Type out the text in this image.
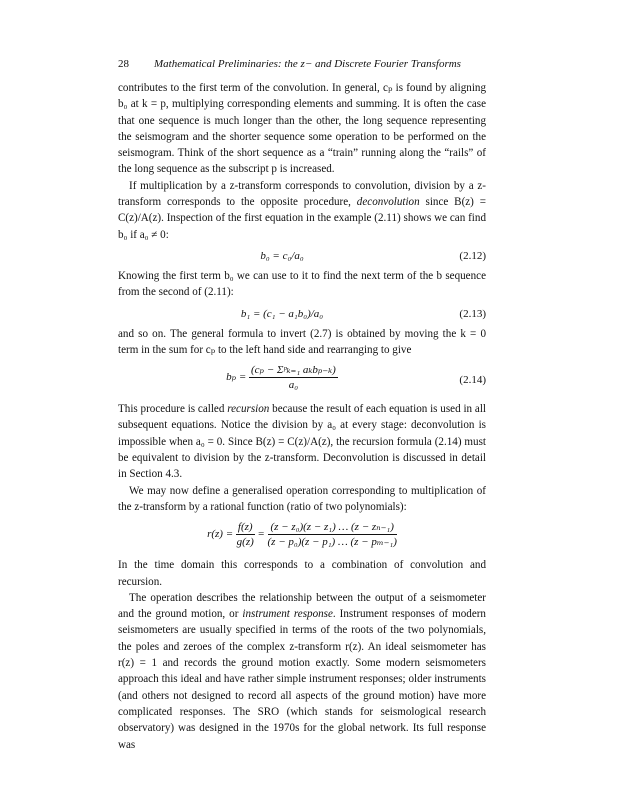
28	Mathematical Preliminaries: the z− and Discrete Fourier Transforms

contributes to the first term of the convolution. In general, cₚ is found by aligning b₀ at k = p, multiplying corresponding elements and summing. It is often the case that one sequence is much longer than the other, the long sequence representing the seismogram and the shorter sequence some operation to be performed on the seismogram. Think of the short sequence as a “train” running along the “rails” of the long sequence as the subscript p is increased.

If multiplication by a z-transform corresponds to convolution, division by a z-transform corresponds to the opposite procedure, deconvolution since B(z) = C(z)/A(z). Inspection of the first equation in the example (2.11) shows we can find b₀ if a₀ ≠ 0:

b₀ = c₀/a₀	(2.12)

Knowing the first term b₀ we can use to it to find the next term of the b sequence from the second of (2.11):

b₁ = (c₁ − a₁b₀)/a₀	(2.13)

and so on. The general formula to invert (2.7) is obtained by moving the k = 0 term in the sum for cₚ to the left hand side and rearranging to give

$b_p = \frac{\text{(cₚ − Σᵖₖ₌₁ aₖbₚ₋ₖ)}}{\text{a₀}}$	(2.14)

This procedure is called recursion because the result of each equation is used in all subsequent equations. Notice the division by a₀ at every stage: deconvolution is impossible when a₀ = 0. Since B(z) = C(z)/A(z), the recursion formula (2.14) must be equivalent to division by the z-transform. Deconvolution is discussed in detail in Section 4.3.

We may now define a generalised operation corresponding to multiplication of the z-transform by a rational function (ratio of two polynomials):

$r(z) = \frac{f(z)}{g(z)} = \frac{\text{(z − z₀)(z − z₁) … (z − zₙ₋₁)}}{\text{(z − p₀)(z − p₁) … (z − pₘ₋₁)}}$

In the time domain this corresponds to a combination of convolution and recursion.

The operation describes the relationship between the output of a seismometer and the ground motion, or instrument response. Instrument responses of modern seismometers are usually specified in terms of the roots of the two polynomials, the poles and zeroes of the complex z-transform r(z). An ideal seismometer has r(z) = 1 and records the ground motion exactly. Some modern seismometers approach this ideal and have rather simple instrument responses; older instruments (and others not designed to record all aspects of the ground motion) have more complicated responses. The SRO (which stands for seismological research observatory) was designed in the 1970s for the global network. Its full response was
